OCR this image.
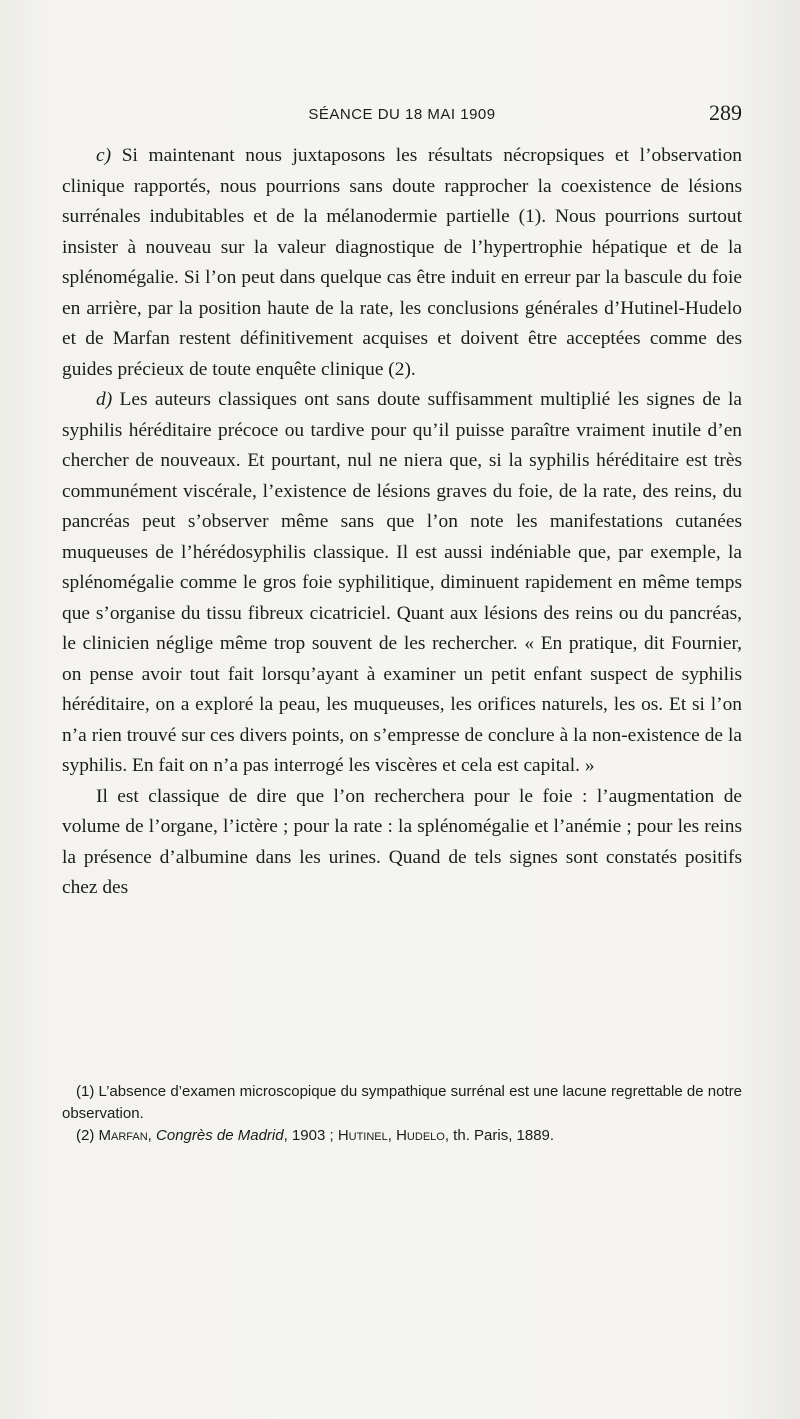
SÉANCE DU 18 MAI 1909	289

c) Si maintenant nous juxtaposons les résultats nécropsiques et l’observation clinique rapportés, nous pourrions sans doute rapprocher la coexistence de lésions surrénales indubitables et de la mélanodermie partielle (1). Nous pourrions surtout insister à nouveau sur la valeur diagnostique de l’hypertrophie hépatique et de la splénomégalie. Si l’on peut dans quelque cas être induit en erreur par la bascule du foie en arrière, par la position haute de la rate, les conclusions générales d’Hutinel-Hudelo et de Marfan restent définitivement acquises et doivent être acceptées comme des guides précieux de toute enquête clinique (2).

d) Les auteurs classiques ont sans doute suffisamment multiplié les signes de la syphilis héréditaire précoce ou tardive pour qu’il puisse paraître vraiment inutile d’en chercher de nouveaux. Et pourtant, nul ne niera que, si la syphilis héréditaire est très communément viscérale, l’existence de lésions graves du foie, de la rate, des reins, du pancréas peut s’observer même sans que l’on note les manifestations cutanées muqueuses de l’hérédosyphilis classique. Il est aussi indéniable que, par exemple, la splénomégalie comme le gros foie syphilitique, diminuent rapidement en même temps que s’organise du tissu fibreux cicatriciel. Quant aux lésions des reins ou du pancréas, le clinicien néglige même trop souvent de les rechercher. « En pratique, dit Fournier, on pense avoir tout fait lorsqu’ayant à examiner un petit enfant suspect de syphilis héréditaire, on a exploré la peau, les muqueuses, les orifices naturels, les os. Et si l’on n’a rien trouvé sur ces divers points, on s’empresse de conclure à la non-existence de la syphilis. En fait on n’a pas interrogé les viscères et cela est capital. »

Il est classique de dire que l’on recherchera pour le foie : l’augmentation de volume de l’organe, l’ictère ; pour la rate : la splénomégalie et l’anémie ; pour les reins la présence d’albumine dans les urines. Quand de tels signes sont constatés positifs chez des

(1) L’absence d’examen microscopique du sympathique surrénal est une lacune regrettable de notre observation.

(2) Marfan, Congrès de Madrid, 1903 ; Hutinel, Hudelo, th. Paris, 1889.
